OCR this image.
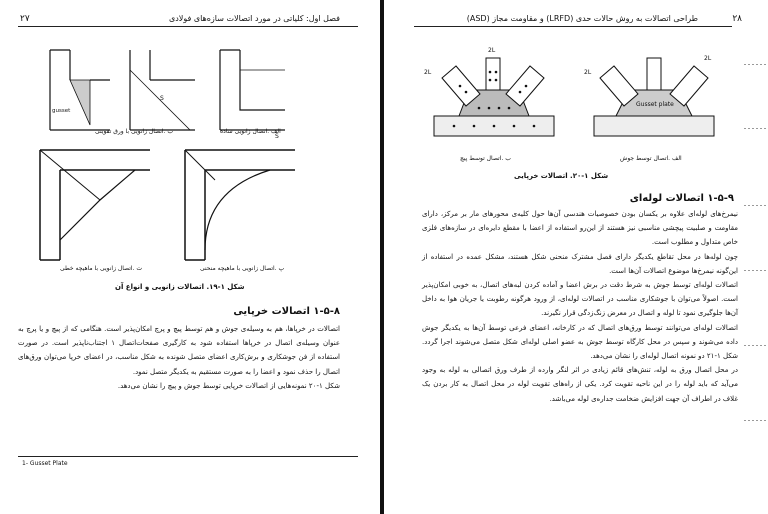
۲۷	فصل اول: کلیاتی در مورد اتصالات سازه‌های فولادی
S
S
gusset
الف .اتصال زانویی ساده
ب .اتصال زانویی با ورق تقویتی
پ .اتصال زانویی با ماهیچه منحنی
ت .اتصال زانویی با ماهیچه خطی
شکل ۱-۱۹. اتصالات زانویی و انواع آن
۱-۵-۸ اتصالات خرپایی

اتصالات در خرپاها، هم به وسیله‌ی جوش و هم توسط پیچ و پرچ امکان‌پذیر است. هنگامی که از پیچ و یا پرچ به عنوان وسیله‌ی اتصال در خرپاها استفاده شود به کارگیری صفحات‌اتصال ۱ اجتناب‌ناپذیر است. در صورت استفاده از فن جوشکاری و برش‌کاری اعضای متصل شونده به شکل مناسب، در اعضای خرپا می‌توان ورق‌های اتصال را حذف نمود و اعضا را به صورت مستقیم به یکدیگر متصل نمود.

شکل ۱-۲۰ نمونه‌هایی از اتصالات خرپایی توسط جوش و پیچ را نشان می‌دهد.

1- Gusset Plate
۲۸
طراحی اتصالات به روش حالات حدی (LRFD) و مقاومت مجاز (ASD)
2L
2L
Gusset plate
2L
2L
الف .اتصال توسط جوش
ب .اتصال توسط پیچ
شکل ۱-۲۰. اتصالات خرپایی
۱-۵-۹ اتصالات لوله‌ای

نیمرخ‌های لوله‌ای علاوه بر یکسان بودن خصوصیات هندسی آن‌ها حول کلیه‌ی محورهای مار بر مرکز، دارای مقاومت و صلبیت پیچشی مناسبی نیز هستند از این‌رو استفاده از اعضا با مقطع دایره‌ای در سازه‌های فلزی خاص متداول و مطلوب است.

چون لوله‌ها در محل تقاطع یکدیگر دارای فصل مشترک منحنی شکل هستند، مشکل عمده در استفاده از این‌گونه نیمرخ‌ها موضوع اتصالات آن‌ها است.

اتصالات لوله‌ای توسط جوش به شرط دقت در برش اعضا و آماده کردن لبه‌های اتصال، به خوبی امکان‌پذیر است. اصولاً می‌توان با جوشکاری مناسب در اتصالات لوله‌ای، از ورود هرگونه رطوبت یا جریان هوا به داخل آن‌ها جلوگیری نمود تا لوله و اتصال در معرض زنگ‌زدگی قرار نگیرند.

اتصالات لوله‌ای می‌توانند توسط ورق‌های اتصال که در کارخانه، اعضای فرعی توسط آن‌ها به یکدیگر جوش داده می‌شوند و سپس در محل کارگاه توسط جوش به عضو اصلی لوله‌ای شکل متصل می‌شوند اجرا گردد. شکل ۱-۲۱ دو نمونه اتصال لوله‌ای را نشان می‌دهد.

در محل اتصال ورق به لوله، تنش‌های قائم زیادی در اثر لنگر وارده از طرف ورق اتصالی به لوله به وجود می‌آید که باید لوله را در این ناحیه تقویت کرد. یکی از راه‌های تقویت لوله در محل اتصال به کار بردن یک غلاف در اطراف آن جهت افزایش ضخامت جداره‌ی لوله می‌باشد.
